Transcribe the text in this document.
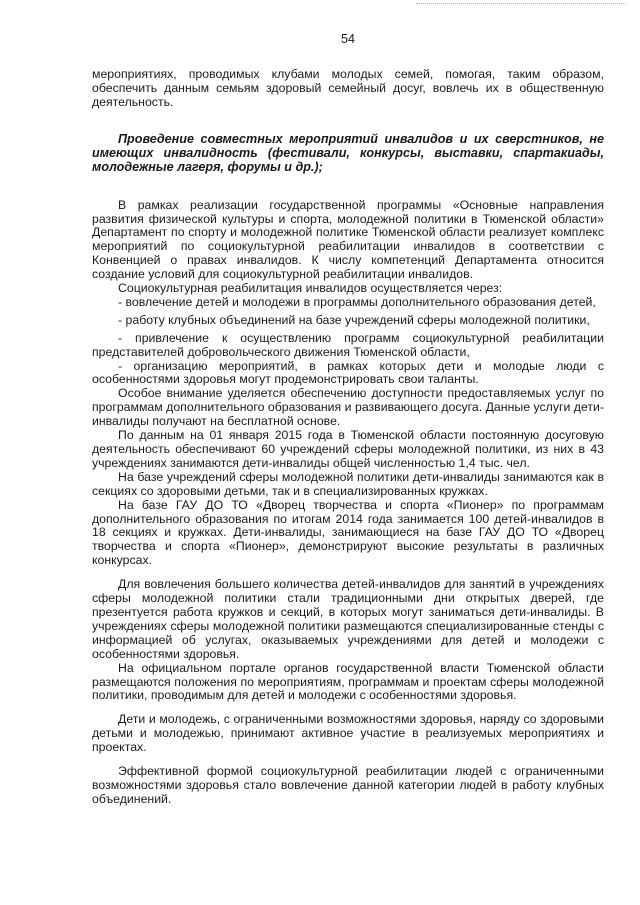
54

мероприятиях, проводимых клубами молодых семей, помогая, таким образом, обеспечить данным семьям здоровый семейный досуг, вовлечь их в общественную деятельность.

Проведение совместных мероприятий инвалидов и их сверстников, не имеющих инвалидность (фестивали, конкурсы, выставки, спартакиады, молодежные лагеря, форумы и др.);

В рамках реализации государственной программы «Основные направления развития физической культуры и спорта, молодежной политики в Тюменской области» Департамент по спорту и молодежной политике Тюменской области реализует комплекс мероприятий по социокультурной реабилитации инвалидов в соответствии с Конвенцией о правах инвалидов. К числу компетенций Департамента относится создание условий для социокультурной реабилитации инвалидов.

Социокультурная реабилитация инвалидов осуществляется через:

- вовлечение детей и молодежи в программы дополнительного образования детей,

- работу клубных объединений на базе учреждений сферы молодежной политики,

- привлечение к осуществлению программ социокультурной реабилитации представителей добровольческого движения Тюменской области,

- организацию мероприятий, в рамках которых дети и молодые люди с особенностями здоровья могут продемонстрировать свои таланты.

Особое внимание уделяется обеспечению доступности предоставляемых услуг по программам дополнительного образования и развивающего досуга. Данные услуги дети-инвалиды получают на бесплатной основе.

По данным на 01 января 2015 года в Тюменской области постоянную досуговую деятельность обеспечивают 60 учреждений сферы молодежной политики, из них в 43 учреждениях занимаются дети-инвалиды общей численностью 1,4 тыс. чел.

На базе учреждений сферы молодежной политики дети-инвалиды занимаются как в секциях со здоровыми детьми, так и в специализированных кружках.

На базе ГАУ ДО ТО «Дворец творчества и спорта «Пионер» по программам дополнительного образования по итогам 2014 года занимается 100 детей-инвалидов в 18 секциях и кружках. Дети-инвалиды, занимающиеся на базе ГАУ ДО ТО «Дворец творчества и спорта «Пионер», демонстрируют высокие результаты в различных конкурсах.

Для вовлечения большего количества детей-инвалидов для занятий в учреждениях сферы молодежной политики стали традиционными дни открытых дверей, где презентуется работа кружков и секций, в которых могут заниматься дети-инвалиды. В учреждениях сферы молодежной политики размещаются специализированные стенды с информацией об услугах, оказываемых учреждениями для детей и молодежи с особенностями здоровья.

На официальном портале органов государственной власти Тюменской области размещаются положения по мероприятиям, программам и проектам сферы молодежной политики, проводимым для детей и молодежи с особенностями здоровья.

Дети и молодежь, с ограниченными возможностями здоровья, наряду со здоровыми детьми и молодежью, принимают активное участие в реализуемых мероприятиях и проектах.

Эффективной формой социокультурной реабилитации людей с ограниченными возможностями здоровья стало вовлечение данной категории людей в работу клубных объединений.
